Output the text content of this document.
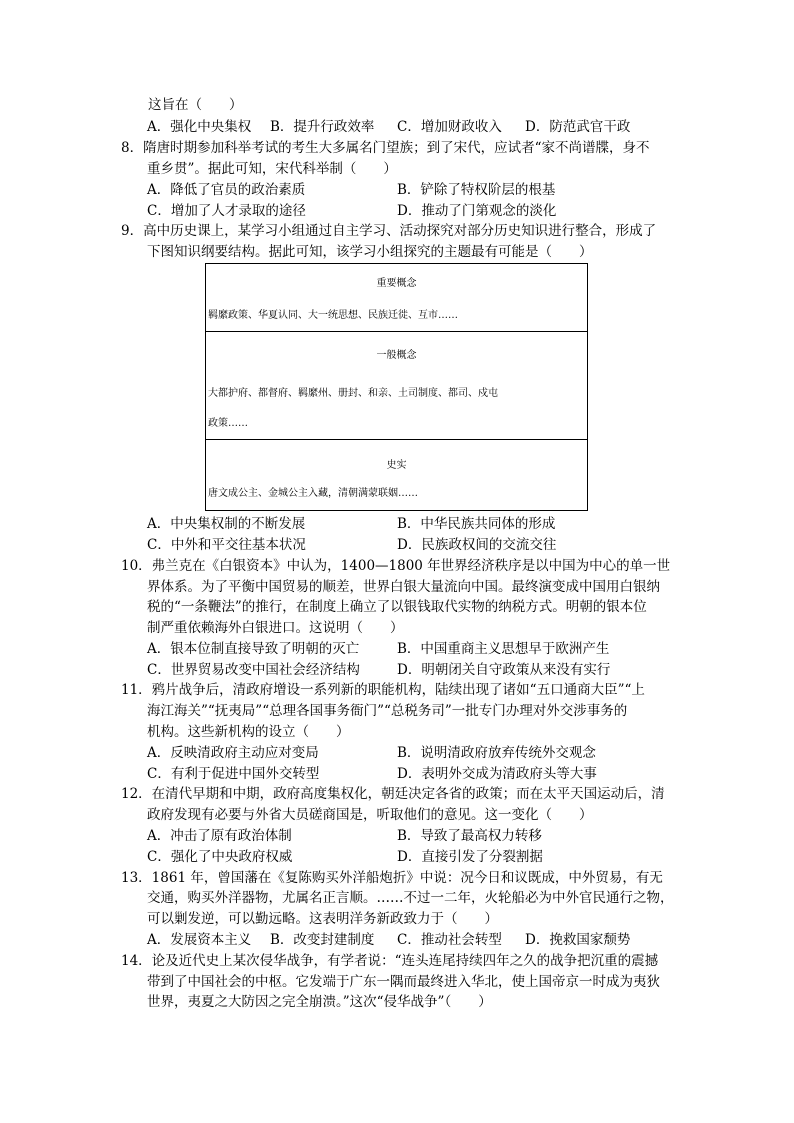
这旨在（　　）
A．强化中央集权 B．提升行政效率 C．增加财政收入 D．防范武官干政
8．隋唐时期参加科举考试的考生大多属名门望族；到了宋代，应试者“家不尚谱牒，身不
重乡贯”。据此可知，宋代科举制（　　）
A．降低了官员的政治素质	B．铲除了特权阶层的根基
C．增加了人才录取的途径	D．推动了门第观念的淡化
9．高中历史课上，某学习小组通过自主学习、活动探究对部分历史知识进行整合，形成了
下图知识纲要结构。据此可知，该学习小组探究的主题最有可能是（　　）
重要概念
羁縻政策、华夏认同、大一统思想、民族迁徙、互市……
一般概念
大都护府、都督府、羁縻州、册封、和亲、土司制度、都司、戍屯
政策……
史实
唐文成公主、金城公主入藏，清朝满蒙联姻……
A．中央集权制的不断发展	B．中华民族共同体的形成
C．中外和平交往基本状况	D．民族政权间的交流交往
10．弗兰克在《白银资本》中认为，1400—1800 年世界经济秩序是以中国为中心的单一世
界体系。为了平衡中国贸易的顺差，世界白银大量流向中国。最终演变成中国用白银纳
税的“一条鞭法”的推行，在制度上确立了以银钱取代实物的纳税方式。明朝的银本位
制严重依赖海外白银进口。这说明（　　）
A．银本位制直接导致了明朝的灭亡	B．中国重商主义思想早于欧洲产生
C．世界贸易改变中国社会经济结构	D．明朝闭关自守政策从来没有实行
11．鸦片战争后，清政府增设一系列新的职能机构，陆续出现了诸如“五口通商大臣”“上
海江海关”“抚夷局”“总理各国事务衙门”“总税务司”一批专门办理对外交涉事务的
机构。这些新机构的设立（　　）
A．反映清政府主动应对变局	B．说明清政府放弃传统外交观念
C．有利于促进中国外交转型	D．表明外交成为清政府头等大事
12．在清代早期和中期，政府高度集权化，朝廷决定各省的政策；而在太平天国运动后，清
政府发现有必要与外省大员磋商国是，听取他们的意见。这一变化（　　）
A．冲击了原有政治体制	B．导致了最高权力转移
C．强化了中央政府权威	D．直接引发了分裂割据
13．1861 年，曾国藩在《复陈购买外洋船炮折》中说：况今日和议既成，中外贸易，有无
交通，购买外洋器物，尤属名正言顺。……不过一二年，火轮船必为中外官民通行之物，
可以剿发逆，可以勤远略。这表明洋务新政致力于（　　）
A．发展资本主义 B．改变封建制度 C．推动社会转型 D．挽救国家颓势
14．论及近代史上某次侵华战争，有学者说：“连头连尾持续四年之久的战争把沉重的震撼
带到了中国社会的中枢。它发端于广东一隅而最终进入华北，使上国帝京一时成为夷狄
世界，夷夏之大防因之完全崩溃。”这次“侵华战争”（　　）
